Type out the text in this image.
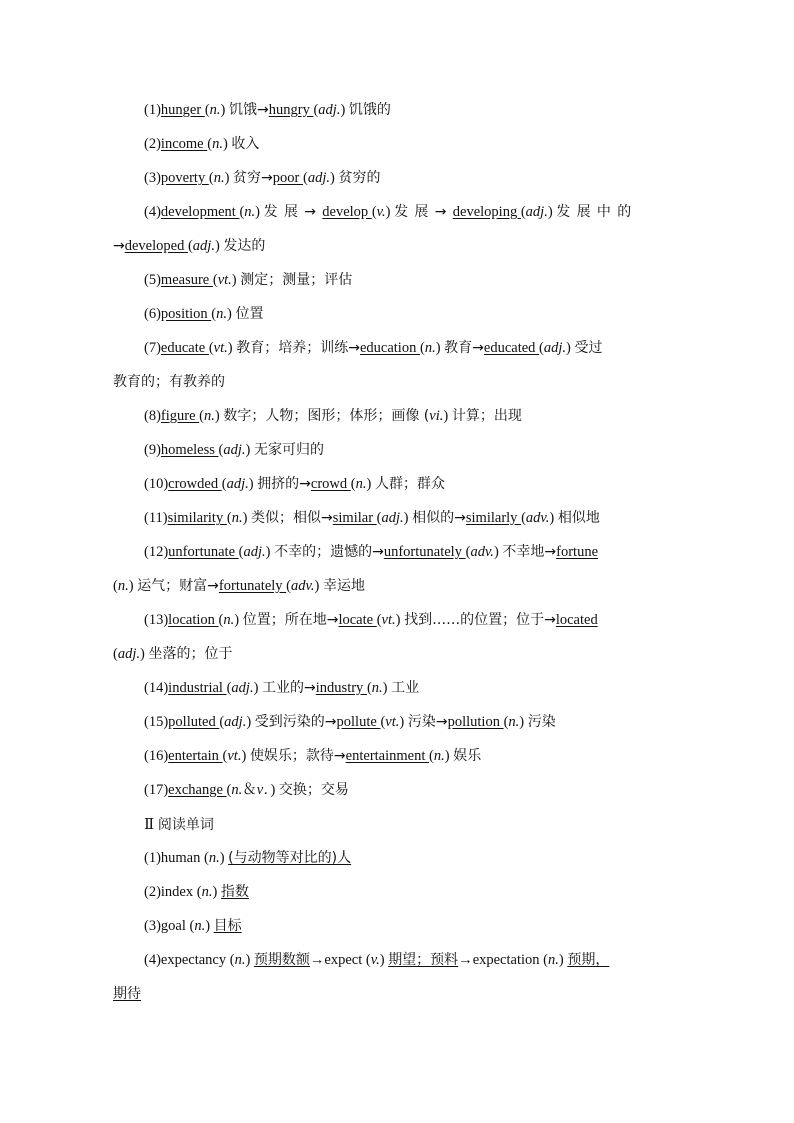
(1)hunger (n.) 饥饿→hungry (adj.) 饥饿的
(2)income (n.) 收入
(3)poverty (n.) 贫穷→poor (adj.) 贫穷的
(4)development (n.) 发展→develop (v.) 发展→developing (adj.) 发展中的
→developed (adj.) 发达的
(5)measure (vt.) 测定；测量；评估
(6)position (n.) 位置
(7)educate (vt.) 教育；培养；训练→education (n.) 教育→educated (adj.) 受过
教育的；有教养的
(8)figure (n.) 数字；人物；图形；体形；画像 (vi.) 计算；出现
(9)homeless (adj.) 无家可归的
(10)crowded (adj.) 拥挤的→crowd (n.) 人群；群众
(11)similarity (n.) 类似；相似→similar (adj.) 相似的→similarly (adv.) 相似地
(12)unfortunate (adj.) 不幸的；遗憾的→unfortunately (adv.) 不幸地→fortune
(n.) 运气；财富→fortunately (adv.) 幸运地
(13)location (n.) 位置；所在地→locate (vt.) 找到……的位置；位于→located
(adj.) 坐落的；位于
(14)industrial (adj.) 工业的→industry (n.) 工业
(15)polluted (adj.) 受到污染的→pollute (vt.) 污染→pollution (n.) 污染
(16)entertain (vt.) 使娱乐；款待→entertainment (n.) 娱乐
(17)exchange (n.＆v．) 交换；交易
Ⅱ 阅读单词
(1)human (n.) (与动物等对比的)人
(2)index (n.) 指数
(3)goal (n.) 目标
(4)expectancy (n.) 预期数额→expect (v.) 期望；预料→expectation (n.) 预期，
期待
